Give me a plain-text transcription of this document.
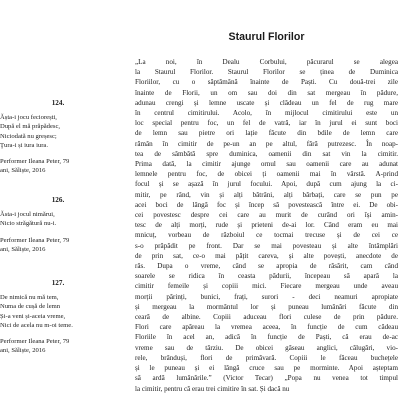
124.
Ășta-i jocu feciorești,
După el mă prăpădesc,
Niciodată nu greșesc;
Ţura-i și iura iura.
Performer Ileana Peter, 79
ani, Săliște, 2016
126.
Ăsta-i jocul nimărui,
Nicio străgătură nu-i.
Performer Ileana Peter, 79
ani, Săliște, 2016
127.
De nimică nu mă tem,
Numa de cușă de lemn
Și-a veni și-aceia vreme,
Nici de acela nu m-oi teme.
Performer Ileana Peter, 79
ani, Săliște, 2016
Staurul Florilor
„La noi, în Dealu Corbului, păcurarul se alegea
la Staurul Florilor. Staurul Florilor se ținea de Duminica
Floriilor, cu o săptămână înainte de Paști. Cu două-trei zile
înainte de Florii, un om sau doi din sat mergeau în pădure,
adunau crengi și lemne uscate și clădeau un fel de rug mare
în centrul cimitirului. Acolo, în mijlocul cimitirului este un
loc special pentru foc, un fel de vatră, iar în jurul ei sunt boci
de lemn sau pietre ori lație făcute din bdile de lemn care
rămân în cimitir de pe-un an pe altul, fără putrezesc. În noap-
tea de sâmbătă spre duminica, oamenii din sat vin la cimitir.
Prima dată, la cimitir ajunge ornul sau oamenii care au adunat
lemnele pentru foc, de obicei ți oamenii mai în vârstă. A-prind
focul și se așază în jurul focului. Apoi, după cum ajung la ci-
mitir, pe rând, vin și alți bătrâni, alți bărbați, care se pun pe
acei boci de lângă foc și încep să povestească între ei. De obi-
cei povestesc despre cei care au murit de curând ori își amin-
tesc de alți morți, rude și prieteni de-ai lor. Când eram eu mai
mnicuț, vorbeau de războiul ce tocmai trecuse și de cei ce
s-o prăpădit pe front. Dar se mai povesteau și alte întâmplări
de prin sat, ce-o mai pățit careva, și alte povești, anecdote de
râs. Dupa o vreme, când se apropia de răsărit, cam când
soarele se ridica în ceasta pădurii, începeau să apară la
cimitir femeile și copiii mici. Fiecare mergeau unde aveau
morții părinți, bunici, frați, surori - deci neamuri apropiate
și mergeau la mormântul lor și puneau lumânări făcute din
ceară de albine. Copiii aduceau flori culese de prin pădure.
Flori care apăreau la vremea aceea, în funcție de cum cădeau
Floriile în acel an, adică în funcție de Paști, că erau de-ac
vreme sau de târziu. De obicei găseau anglici, călugări, vio-
rele, brânduși, flori de primăvară. Copiii le făceau buchețele
și le puneau și ei lângă cruce sau pe morminte. Apoi așteptam
să ardă lumânările.” (Victor Tecar) „Popa nu venea tot timpul
la cimitir, pentru că erau trei cimitire în sat. Și dacă nu
